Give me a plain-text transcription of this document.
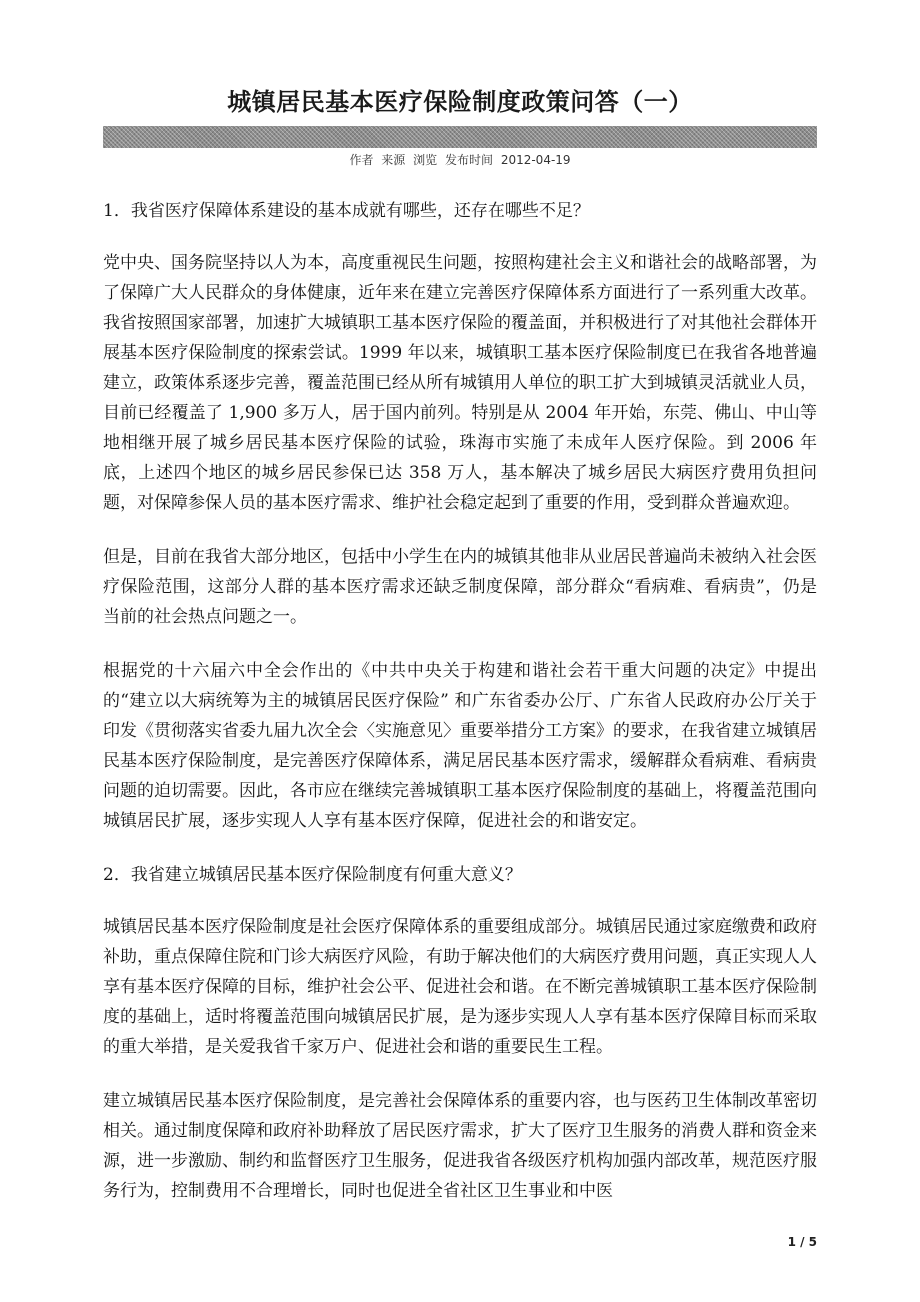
城镇居民基本医疗保险制度政策问答（一）
作者 来源 浏览 发布时间 2012-04-19

1．我省医疗保障体系建设的基本成就有哪些，还存在哪些不足？

党中央、国务院坚持以人为本，高度重视民生问题，按照构建社会主义和谐社会的战略部署，为了保障广大人民群众的身体健康，近年来在建立完善医疗保障体系方面进行了一系列重大改革。我省按照国家部署，加速扩大城镇职工基本医疗保险的覆盖面，并积极进行了对其他社会群体开展基本医疗保险制度的探索尝试。1999 年以来，城镇职工基本医疗保险制度已在我省各地普遍建立，政策体系逐步完善，覆盖范围已经从所有城镇用人单位的职工扩大到城镇灵活就业人员，目前已经覆盖了 1,900 多万人，居于国内前列。特别是从 2004 年开始，东莞、佛山、中山等地相继开展了城乡居民基本医疗保险的试验，珠海市实施了未成年人医疗保险。到 2006 年底，上述四个地区的城乡居民参保已达 358 万人，基本解决了城乡居民大病医疗费用负担问题，对保障参保人员的基本医疗需求、维护社会稳定起到了重要的作用，受到群众普遍欢迎。

但是，目前在我省大部分地区，包括中小学生在内的城镇其他非从业居民普遍尚未被纳入社会医疗保险范围，这部分人群的基本医疗需求还缺乏制度保障，部分群众“看病难、看病贵”，仍是当前的社会热点问题之一。

根据党的十六届六中全会作出的《中共中央关于构建和谐社会若干重大问题的决定》中提出的“建立以大病统筹为主的城镇居民医疗保险” 和广东省委办公厅、广东省人民政府办公厅关于印发《贯彻落实省委九届九次全会〈实施意见〉重要举措分工方案》的要求，在我省建立城镇居民基本医疗保险制度，是完善医疗保障体系，满足居民基本医疗需求，缓解群众看病难、看病贵问题的迫切需要。因此，各市应在继续完善城镇职工基本医疗保险制度的基础上，将覆盖范围向城镇居民扩展，逐步实现人人享有基本医疗保障，促进社会的和谐安定。

2．我省建立城镇居民基本医疗保险制度有何重大意义？

城镇居民基本医疗保险制度是社会医疗保障体系的重要组成部分。城镇居民通过家庭缴费和政府补助，重点保障住院和门诊大病医疗风险，有助于解决他们的大病医疗费用问题，真正实现人人享有基本医疗保障的目标，维护社会公平、促进社会和谐。在不断完善城镇职工基本医疗保险制度的基础上，适时将覆盖范围向城镇居民扩展，是为逐步实现人人享有基本医疗保障目标而采取的重大举措，是关爱我省千家万户、促进社会和谐的重要民生工程。

建立城镇居民基本医疗保险制度，是完善社会保障体系的重要内容，也与医药卫生体制改革密切相关。通过制度保障和政府补助释放了居民医疗需求，扩大了医疗卫生服务的消费人群和资金来源，进一步激励、制约和监督医疗卫生服务，促进我省各级医疗机构加强内部改革，规范医疗服务行为，控制费用不合理增长，同时也促进全省社区卫生事业和中医

1 / 5
